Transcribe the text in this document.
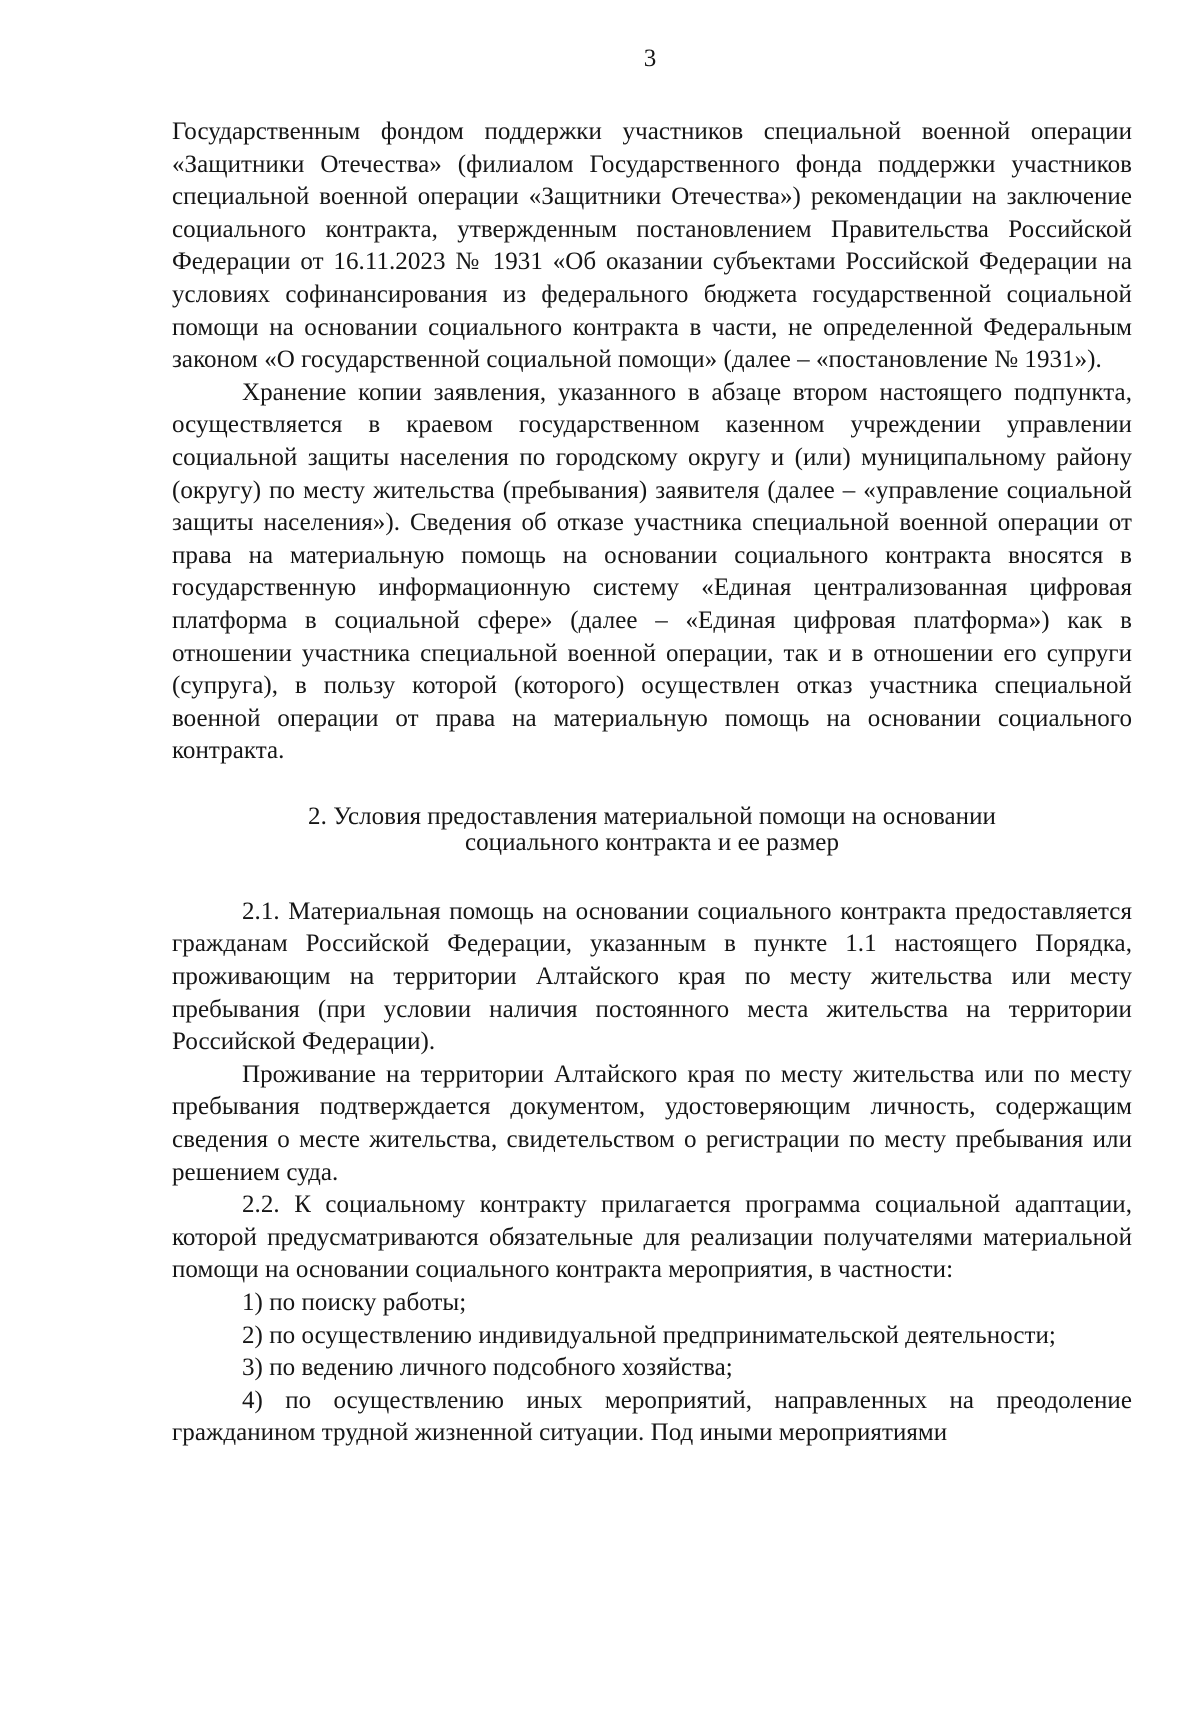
3

Государственным фондом поддержки участников специальной военной операции «Защитники Отечества» (филиалом Государственного фонда поддержки участников специальной военной операции «Защитники Отечества») рекомендации на заключение социального контракта, утвержденным постановлением Правительства Российской Федерации от 16.11.2023 № 1931 «Об оказании субъектами Российской Федерации на условиях софинансирования из федерального бюджета государственной социальной помощи на основании социального контракта в части, не определенной Федеральным законом «О государственной социальной помощи» (далее – «постановление № 1931»).

Хранение копии заявления, указанного в абзаце втором настоящего подпункта, осуществляется в краевом государственном казенном учреждении управлении социальной защиты населения по городскому округу и (или) муниципальному району (округу) по месту жительства (пребывания) заявителя (далее – «управление социальной защиты населения»). Сведения об отказе участника специальной военной операции от права на материальную помощь на основании социального контракта вносятся в государственную информационную систему «Единая централизованная цифровая платформа в социальной сфере» (далее – «Единая цифровая платформа») как в отношении участника специальной военной операции, так и в отношении его супруги (супруга), в пользу которой (которого) осуществлен отказ участника специальной военной операции от права на материальную помощь на основании социального контракта.

2. Условия предоставления материальной помощи на основании
социального контракта и ее размер

2.1. Материальная помощь на основании социального контракта предоставляется гражданам Российской Федерации, указанным в пункте 1.1 настоящего Порядка, проживающим на территории Алтайского края по месту жительства или месту пребывания (при условии наличия постоянного места жительства на территории Российской Федерации).

Проживание на территории Алтайского края по месту жительства или по месту пребывания подтверждается документом, удостоверяющим личность, содержащим сведения о месте жительства, свидетельством о регистрации по месту пребывания или решением суда.

2.2. К социальному контракту прилагается программа социальной адаптации, которой предусматриваются обязательные для реализации получателями материальной помощи на основании социального контракта мероприятия, в частности:

1) по поиску работы;

2) по осуществлению индивидуальной предпринимательской деятельности;

3) по ведению личного подсобного хозяйства;

4) по осуществлению иных мероприятий, направленных на преодоление гражданином трудной жизненной ситуации. Под иными мероприятиями
